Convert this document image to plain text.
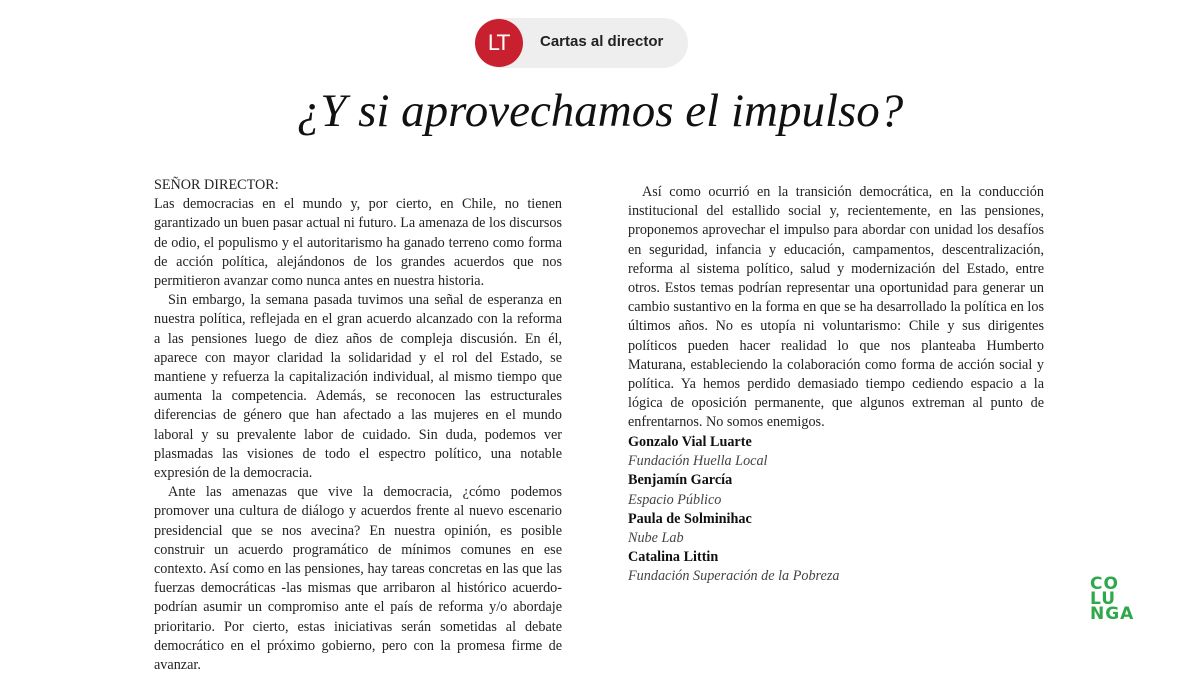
LT	Cartas al director
¿Y si aprovechamos el impulso?
SEÑOR DIRECTOR:

Las democracias en el mundo y, por cierto, en Chile, no tienen garantizado un buen pasar actual ni futuro. La amenaza de los discursos de odio, el populismo y el autoritarismo ha ganado terreno como forma de acción política, alejándonos de los grandes acuerdos que nos permitieron avanzar como nunca antes en nuestra historia.

Sin embargo, la semana pasada tuvimos una señal de esperanza en nuestra política, reflejada en el gran acuerdo alcanzado con la reforma a las pensiones luego de diez años de compleja discusión. En él, aparece con mayor claridad la solidaridad y el rol del Estado, se mantiene y refuerza la capitalización individual, al mismo tiempo que aumenta la competencia. Además, se reconocen las estructurales diferencias de género que han afectado a las mujeres en el mundo laboral y su prevalente labor de cuidado. Sin duda, podemos ver plasmadas las visiones de todo el espectro político, una notable expresión de la democracia.

Ante las amenazas que vive la democracia, ¿cómo podemos promover una cultura de diálogo y acuerdos frente al nuevo escenario presidencial que se nos avecina? En nuestra opinión, es posible construir un acuerdo programático de mínimos comunes en ese contexto. Así como en las pensiones, hay tareas concretas en las que las fuerzas democráticas -las mismas que arribaron al histórico acuerdo- podrían asumir un compromiso ante el país de reforma y/o abordaje prioritario. Por cierto, estas iniciativas serán sometidas al debate democrático en el próximo gobierno, pero con la promesa firme de avanzar.

Así como ocurrió en la transición democrática, en la conducción institucional del estallido social y, recientemente, en las pensiones, proponemos aprovechar el impulso para abordar con unidad los desafíos en seguridad, infancia y educación, campamentos, descentralización, reforma al sistema político, salud y modernización del Estado, entre otros. Estos temas podrían representar una oportunidad para generar un cambio sustantivo en la forma en que se ha desarrollado la política en los últimos años. No es utopía ni voluntarismo: Chile y sus dirigentes políticos pueden hacer realidad lo que nos planteaba Humberto Maturana, estableciendo la colaboración como forma de acción social y política. Ya hemos perdido demasiado tiempo cediendo espacio a la lógica de oposición permanente, que algunos extreman al punto de enfrentarnos. No somos enemigos.

Gonzalo Vial Luarte
Fundación Huella Local
Benjamín García
Espacio Público
Paula de Solminihac
Nube Lab
Catalina Littin
Fundación Superación de la Pobreza	CO
LU
NGA
